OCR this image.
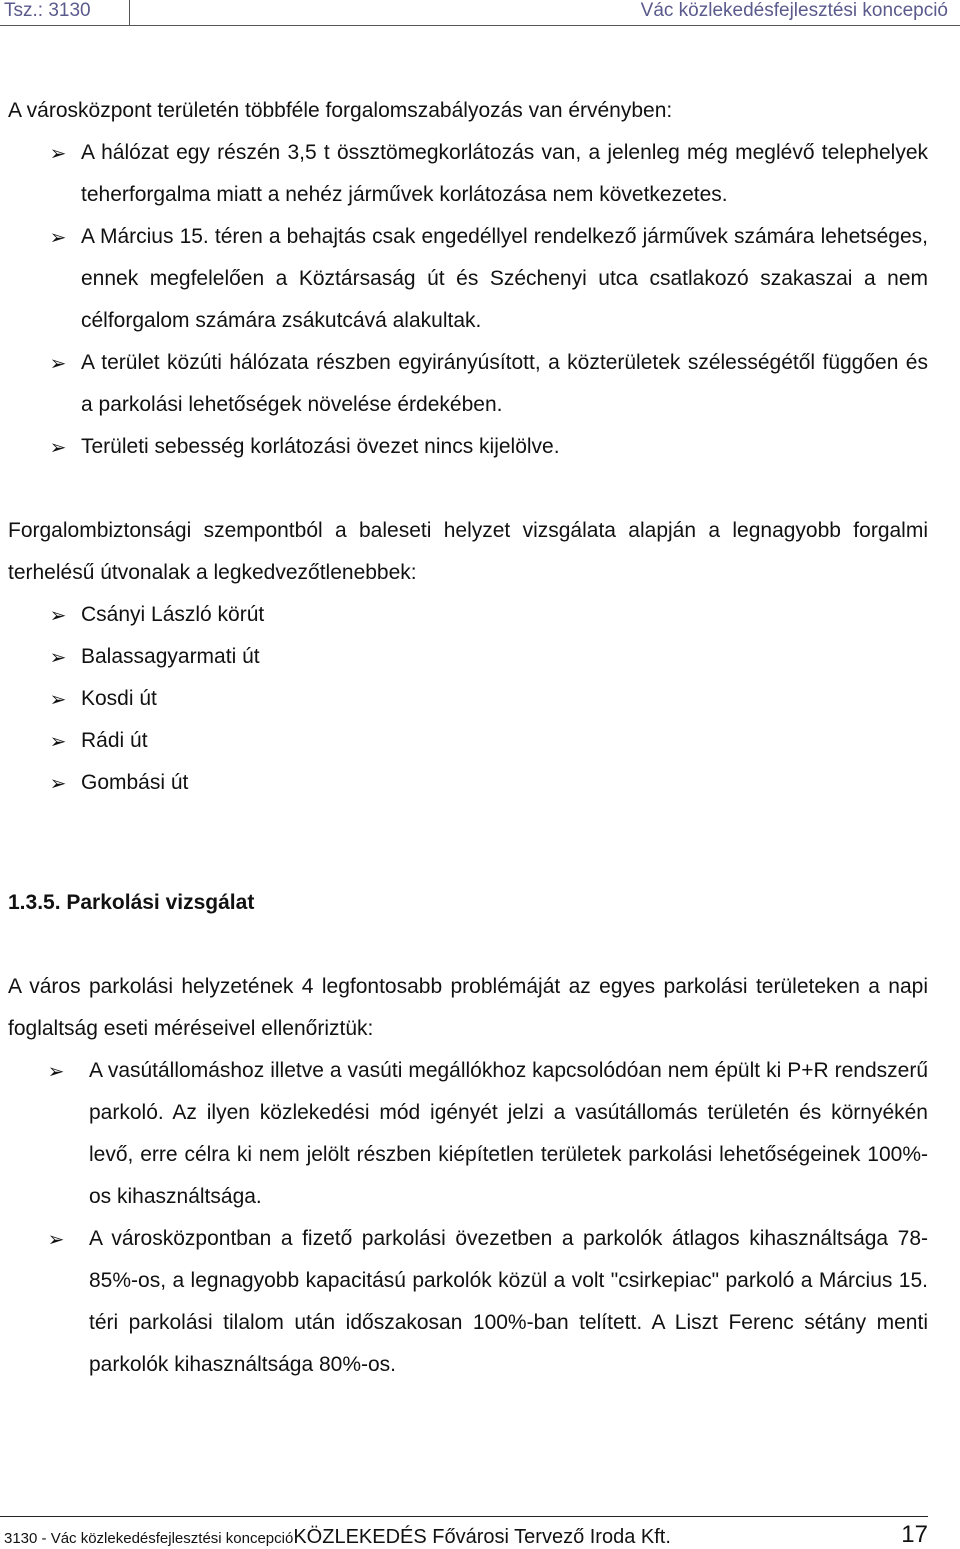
Tsz.: 3130	Vác közlekedésfejlesztési koncepció

A városközpont területén többféle forgalomszabályozás van érvényben:

➢ A hálózat egy részén 3,5 t össztömegkorlátozás van, a jelenleg még meglévő telephelyek teherforgalma miatt a nehéz járművek korlátozása nem következetes.
➢ A Március 15. téren a behajtás csak engedéllyel rendelkező járművek számára lehetséges, ennek megfelelően a Köztársaság út és Széchenyi utca csatlakozó szakaszai a nem célforgalom számára zsákutcává alakultak.
➢ A terület közúti hálózata részben egyirányúsított, a közterületek szélességétől függően és a parkolási lehetőségek növelése érdekében.
➢ Területi sebesség korlátozási övezet nincs kijelölve.

Forgalombiztonsági szempontból a baleseti helyzet vizsgálata alapján a legnagyobb forgalmi terhelésű útvonalak a legkedvezőtlenebbek:

➢ Csányi László körút
➢ Balassagyarmati út
➢ Kosdi út
➢ Rádi út
➢ Gombási út
1.3.5. Parkolási vizsgálat

A város parkolási helyzetének 4 legfontosabb problémáját az egyes parkolási területeken a napi foglaltság eseti méréseivel ellenőriztük:

➢ A vasútállomáshoz illetve a vasúti megállókhoz kapcsolódóan nem épült ki P+R rendszerű parkoló. Az ilyen közlekedési mód igényét jelzi a vasútállomás területén és környékén levő, erre célra ki nem jelölt részben kiépítetlen területek parkolási lehetőségeinek 100%-os kihasználtsága.
➢ A városközpontban a fizető parkolási övezetben a parkolók átlagos kihasználtsága 78-85%-os, a legnagyobb kapacitású parkolók közül a volt "csirkepiac" parkoló a Március 15. téri parkolási tilalom után időszakosan 100%-ban telített. A Liszt Ferenc sétány menti parkolók kihasználtsága 80%-os.
3130 - Vác közlekedésfejlesztési koncepcióKÖZLEKEDÉS Fővárosi Tervező Iroda Kft.	17
